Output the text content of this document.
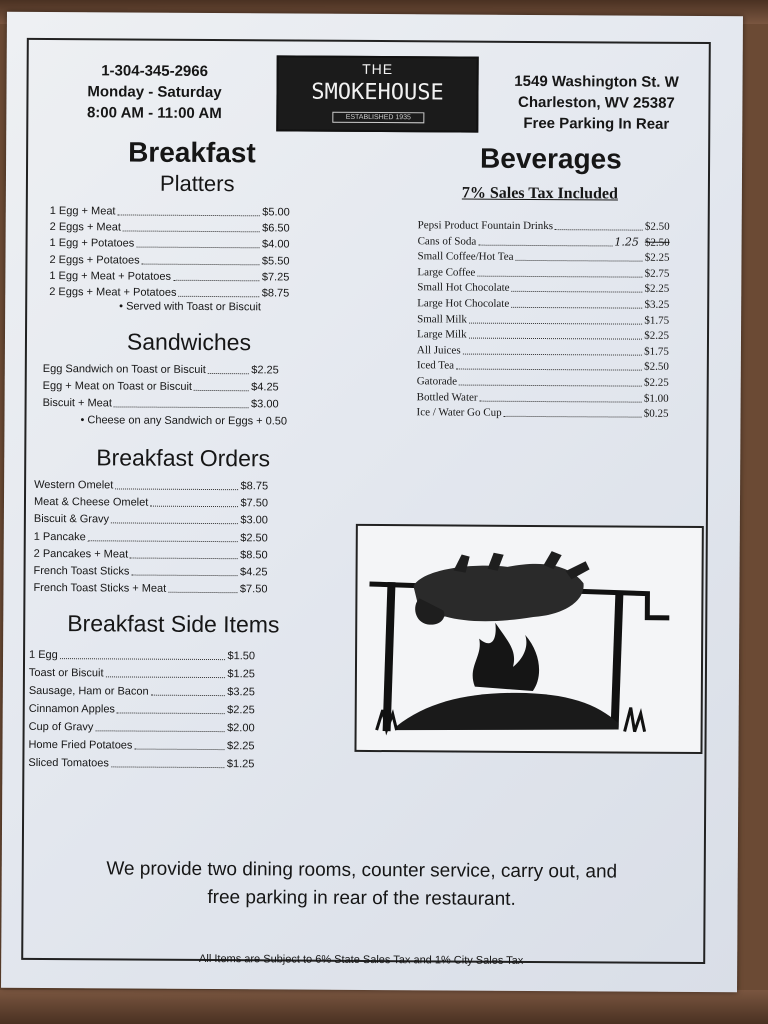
1-304-345-2966
Monday - Saturday
8:00 AM - 11:00 AM
THE
SMOKEHOUSE
ESTABLISHED 1935
1549 Washington St. W
Charleston, WV 25387
Free Parking In Rear
Breakfast
Platters
1 Egg + Meat	$5.00
2 Eggs + Meat	$6.50
1 Egg + Potatoes	$4.00
2 Eggs + Potatoes	$5.50
1 Egg + Meat + Potatoes	$7.25
2 Eggs + Meat + Potatoes	$8.75
• Served with Toast or Biscuit
Sandwiches
Egg Sandwich on Toast or Biscuit	$2.25
Egg + Meat on Toast or Biscuit	$4.25
Biscuit + Meat	$3.00
• Cheese on any Sandwich or Eggs + 0.50
Breakfast Orders
Western Omelet	$8.75
Meat & Cheese Omelet	$7.50
Biscuit & Gravy	$3.00
1 Pancake	$2.50
2 Pancakes + Meat	$8.50
French Toast Sticks	$4.25
French Toast Sticks + Meat	$7.50
Breakfast Side Items
1 Egg	$1.50
Toast or Biscuit	$1.25
Sausage, Ham or Bacon	$3.25
Cinnamon Apples	$2.25
Cup of Gravy	$2.00
Home Fried Potatoes	$2.25
Sliced Tomatoes	$1.25
Beverages
7% Sales Tax Included
Pepsi Product Fountain Drinks	$2.50
Cans of Soda	1.25 $2.50
Small Coffee/Hot Tea	$2.25
Large Coffee	$2.75
Small Hot Chocolate	$2.25
Large Hot Chocolate	$3.25
Small Milk	$1.75
Large Milk	$2.25
All Juices	$1.75
Iced Tea	$2.50
Gatorade	$2.25
Bottled Water	$1.00
Ice / Water Go Cup	$0.25
We provide two dining rooms, counter service, carry out, and
free parking in rear of the restaurant.
All Items are Subject to 6% State Sales Tax and 1% City Sales Tax
